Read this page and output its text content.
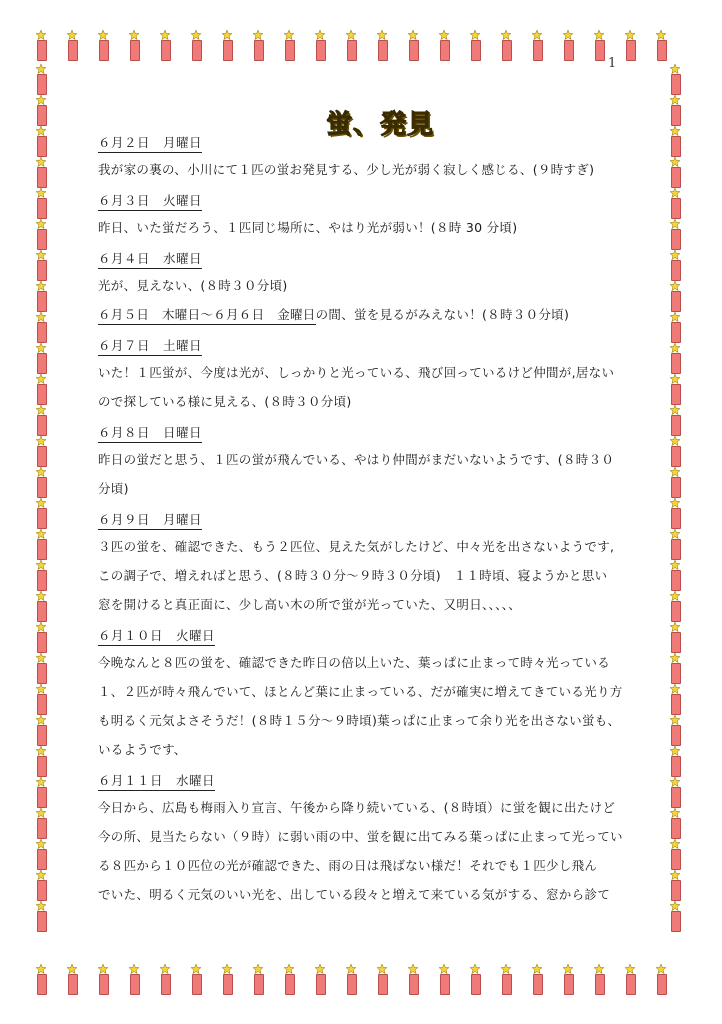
1
蛍、発見
６月２日　月曜日
我が家の裏の、小川にて１匹の蛍お発見する、少し光が弱く寂しく感じる、(９時すぎ)
６月３日　火曜日
昨日、いた蛍だろう、１匹同じ場所に、やはり光が弱い！(８時 30 分頃)
６月４日　水曜日
光が、見えない、(８時３０分頃)
６月５日　木曜日～６月６日　金曜日の間、蛍を見るがみえない！(８時３０分頃)
６月７日　土曜日
いた！１匹蛍が、今度は光が、しっかりと光っている、飛び回っているけど仲間が,居ない
ので探している様に見える、(８時３０分頃)
６月８日　日曜日
昨日の蛍だと思う、１匹の蛍が飛んでいる、やはり仲間がまだいないようです、(８時３０
分頃)
６月９日　月曜日
３匹の蛍を、確認できた、もう２匹位、見えた気がしたけど、中々光を出さないようです,
この調子で、増えればと思う、(８時３０分～９時３０分頃)　１１時頃、寝ようかと思い
窓を開けると真正面に、少し高い木の所で蛍が光っていた、又明日、、、、、
６月１０日　火曜日
今晩なんと８匹の蛍を、確認できた昨日の倍以上いた、葉っぱに止まって時々光っている
１、２匹が時々飛んでいて、ほとんど葉に止まっている、だが確実に増えてきている光り方
も明るく元気よさそうだ！(８時１５分～９時頃)葉っぱに止まって余り光を出さない蛍も、
いるようです、
６月１１日　水曜日
今日から、広島も梅雨入り宣言、午後から降り続いている、(８時頃）に蛍を観に出たけど
今の所、見当たらない（９時）に弱い雨の中、蛍を観に出てみる葉っぱに止まって光ってい
る８匹から１０匹位の光が確認できた、雨の日は飛ばない様だ！それでも１匹少し飛ん
でいた、明るく元気のいい光を、出している段々と増えて来ている気がする、窓から診て
